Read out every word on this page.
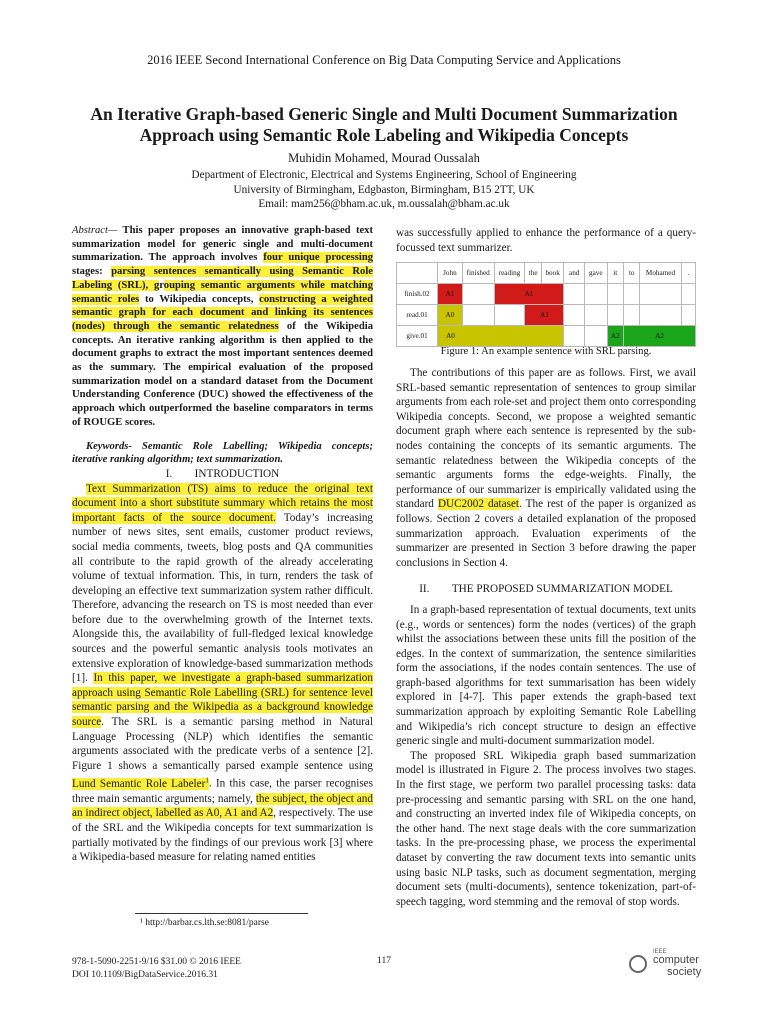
2016 IEEE Second International Conference on Big Data Computing Service and Applications
An Iterative Graph-based Generic Single and Multi Document Summarization
Approach using Semantic Role Labeling and Wikipedia Concepts
Muhidin Mohamed, Mourad Oussalah
Department of Electronic, Electrical and Systems Engineering, School of Engineering
University of Birmingham, Edgbaston, Birmingham, B15 2TT, UK
Email: mam256@bham.ac.uk, m.oussalah@bham.ac.uk

Abstract— This paper proposes an innovative graph-based text summarization model for generic single and multi-document summarization. The approach involves four unique processing stages: parsing sentences semantically using Semantic Role Labeling (SRL), grouping semantic arguments while matching semantic roles to Wikipedia concepts, constructing a weighted semantic graph for each document and linking its sentences (nodes) through the semantic relatedness of the Wikipedia concepts. An iterative ranking algorithm is then applied to the document graphs to extract the most important sentences deemed as the summary. The empirical evaluation of the proposed summarization model on a standard dataset from the Document Understanding Conference (DUC) showed the effectiveness of the approach which outperformed the baseline comparators in terms of ROUGE scores.

Keywords- Semantic Role Labelling; Wikipedia concepts; iterative ranking algorithm; text summarization.

I.  INTRODUCTION

Text Summarization (TS) aims to reduce the original text document into a short substitute summary which retains the most important facts of the source document. Today’s increasing number of news sites, sent emails, customer product reviews, social media comments, tweets, blog posts and QA communities all contribute to the rapid growth of the already accelerating volume of textual information. This, in turn, renders the task of developing an effective text summarization system rather difficult. Therefore, advancing the research on TS is most needed than ever before due to the overwhelming growth of the Internet texts. Alongside this, the availability of full-fledged lexical knowledge sources and the powerful semantic analysis tools motivates an extensive exploration of knowledge-based summarization methods [1]. In this paper, we investigate a graph-based summarization approach using Semantic Role Labelling (SRL) for sentence level semantic parsing and the Wikipedia as a background knowledge source. The SRL is a semantic parsing method in Natural Language Processing (NLP) which identifies the semantic arguments associated with the predicate verbs of a sentence [2]. Figure 1 shows a semantically parsed example sentence using Lund Semantic Role Labeler$^1$. In this case, the parser recognises three main semantic arguments; namely, the subject, the object and an indirect object, labelled as A0, A1 and A2, respectively. The use of the SRL and the Wikipedia concepts for text summarization is partially motivated by the findings of our previous work [3] where a Wikipedia-based measure for relating named entities

was successfully applied to enhance the performance of a query-focussed text summarizer.

	John	finished	reading	the	book	and	gave	it	to	Mohamed	.
finish.02	A1		A1								
read.01	A0			A1							
give.01	A0							A2	A2		
Figure 1: An example sentence with SRL parsing.

The contributions of this paper are as follows. First, we avail SRL-based semantic representation of sentences to group similar arguments from each role-set and project them onto corresponding Wikipedia concepts. Second, we propose a weighted semantic document graph where each sentence is represented by the sub-nodes containing the concepts of its semantic arguments. The semantic relatedness between the Wikipedia concepts of the semantic arguments forms the edge-weights. Finally, the performance of our summarizer is empirically validated using the standard DUC2002 dataset. The rest of the paper is organized as follows. Section 2 covers a detailed explanation of the proposed summarization approach. Evaluation experiments of the summarizer are presented in Section 3 before drawing the paper conclusions in Section 4.

II.  THE PROPOSED SUMMARIZATION MODEL

In a graph-based representation of textual documents, text units (e.g., words or sentences) form the nodes (vertices) of the graph whilst the associations between these units fill the position of the edges. In the context of summarization, the sentence similarities form the associations, if the nodes contain sentences. The use of graph-based algorithms for text summarisation has been widely explored in [4-7]. This paper extends the graph-based text summarization approach by exploiting Semantic Role Labelling and Wikipedia’s rich concept structure to design an effective generic single and multi-document summarization model.

The proposed SRL Wikipedia graph based summarization model is illustrated in Figure 2. The process involves two stages. In the first stage, we perform two parallel processing tasks: data pre-processing and semantic parsing with SRL on the one hand, and constructing an inverted index file of Wikipedia concepts, on the other hand. The next stage deals with the core summarization tasks. In the pre-processing phase, we process the experimental dataset by converting the raw document texts into semantic units using basic NLP tasks, such as document segmentation, merging document sets (multi-documents), sentence tokenization, part-of-speech tagging, word stemming and the removal of stop words.

¹ http://barbar.cs.lth.se:8081/parse
978-1-5090-2251-9/16 $31.00 © 2016 IEEE
DOI 10.1109/BigDataService.2016.31
117
IEEE
computer
society
